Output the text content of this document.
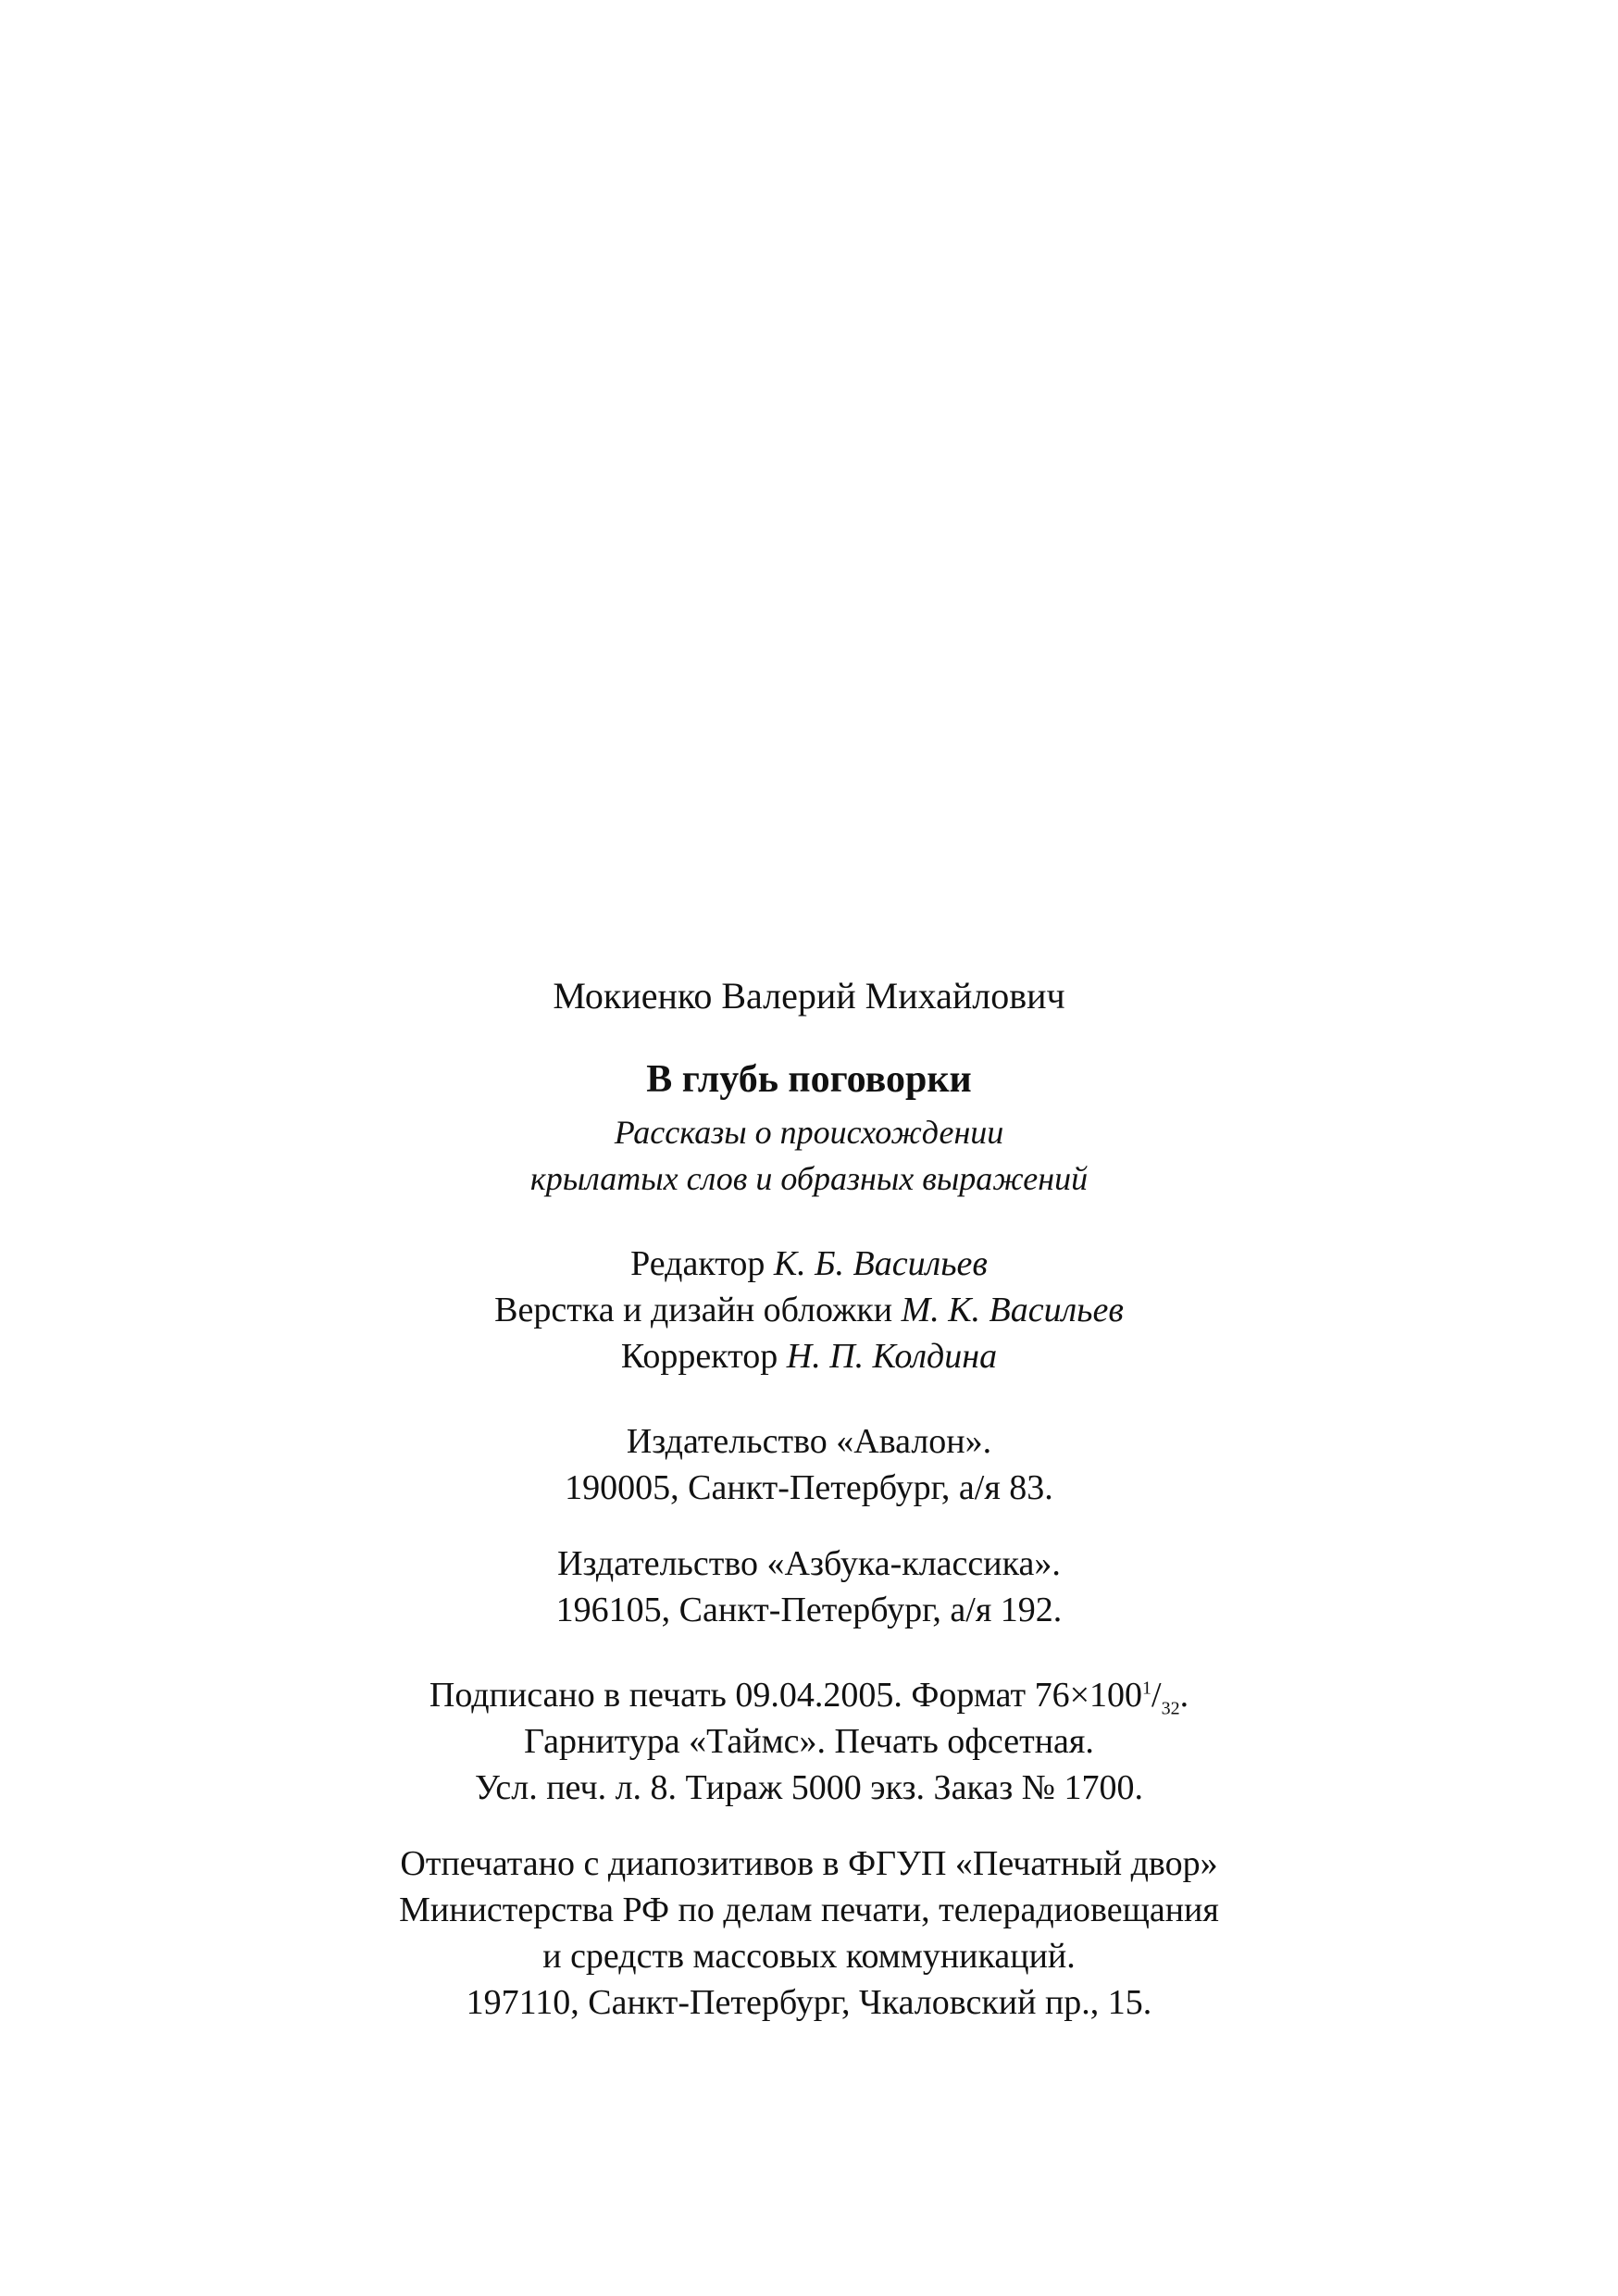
Мокиенко Валерий Михайлович
В глубь поговорки
Рассказы о происхождении
крылатых слов и образных выражений
Редактор К. Б. Васильев
Верстка и дизайн обложки М. К. Васильев
Корректор Н. П. Колдина
Издательство «Авалон».
190005, Санкт-Петербург, а/я 83.
Издательство «Азбука-классика».
196105, Санкт-Петербург, а/я 192.
Подписано в печать 09.04.2005. Формат $76\times 100^1/_{32}$.
Гарнитура «Таймс». Печать офсетная.
Усл. печ. л. 8. Тираж 5000 экз. Заказ № 1700.
Отпечатано с диапозитивов в ФГУП «Печатный двор»
Министерства РФ по делам печати, телерадиовещания
и средств массовых коммуникаций.
197110, Санкт-Петербург, Чкаловский пр., 15.
